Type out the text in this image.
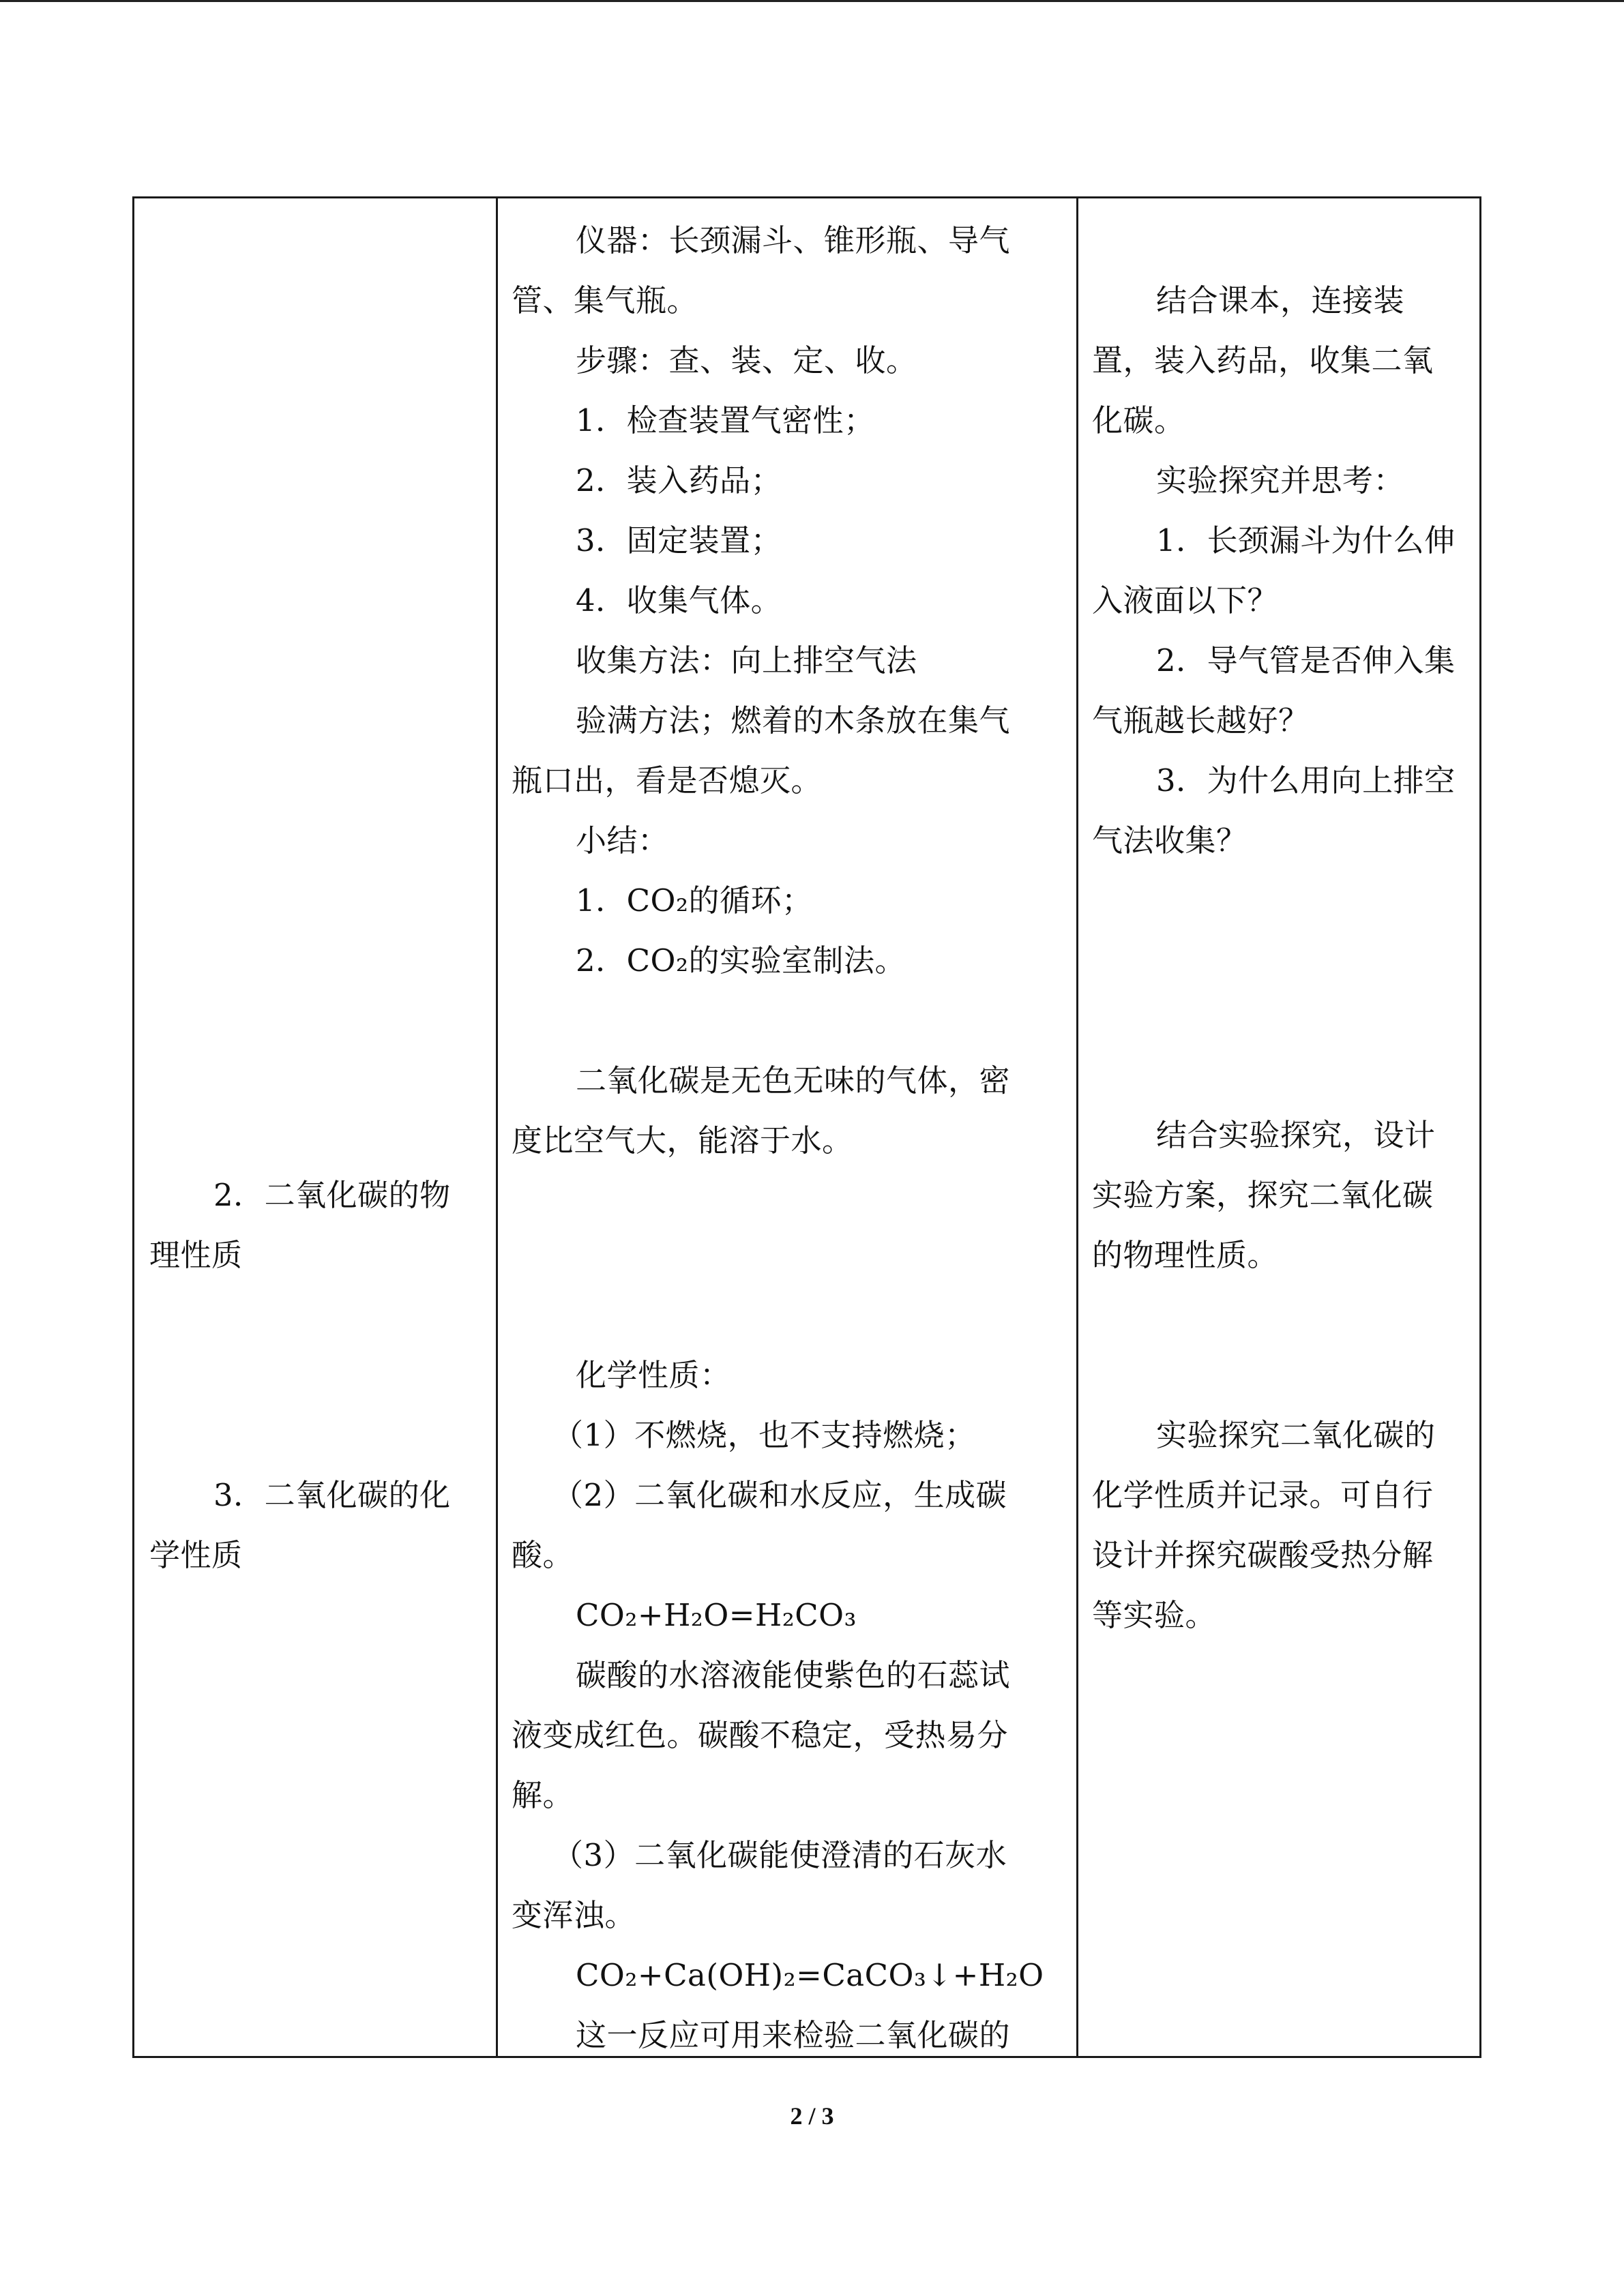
2．二氧化碳的物
理性质
3．二氧化碳的化
学性质
仪器：长颈漏斗、锥形瓶、导气
管、集气瓶。
步骤：查、装、定、收。
1．检查装置气密性；
2．装入药品；
3．固定装置；
4．收集气体。
收集方法：向上排空气法
验满方法；燃着的木条放在集气
瓶口出，看是否熄灭。
小结：
1．CO₂的循环；
2．CO₂的实验室制法。
二氧化碳是无色无味的气体，密
度比空气大，能溶于水。
化学性质：
（1）不燃烧，也不支持燃烧；
（2）二氧化碳和水反应，生成碳
酸。
CO₂+H₂O=H₂CO₃
碳酸的水溶液能使紫色的石蕊试
液变成红色。碳酸不稳定，受热易分
解。
（3）二氧化碳能使澄清的石灰水
变浑浊。
CO₂+Ca(OH)₂=CaCO₃↓+H₂O
这一反应可用来检验二氧化碳的
结合课本，连接装
置，装入药品，收集二氧
化碳。
实验探究并思考：
1．长颈漏斗为什么伸
入液面以下？
2．导气管是否伸入集
气瓶越长越好？
3．为什么用向上排空
气法收集？
结合实验探究，设计
实验方案，探究二氧化碳
的物理性质。
实验探究二氧化碳的
化学性质并记录。可自行
设计并探究碳酸受热分解
等实验。
2 / 3
